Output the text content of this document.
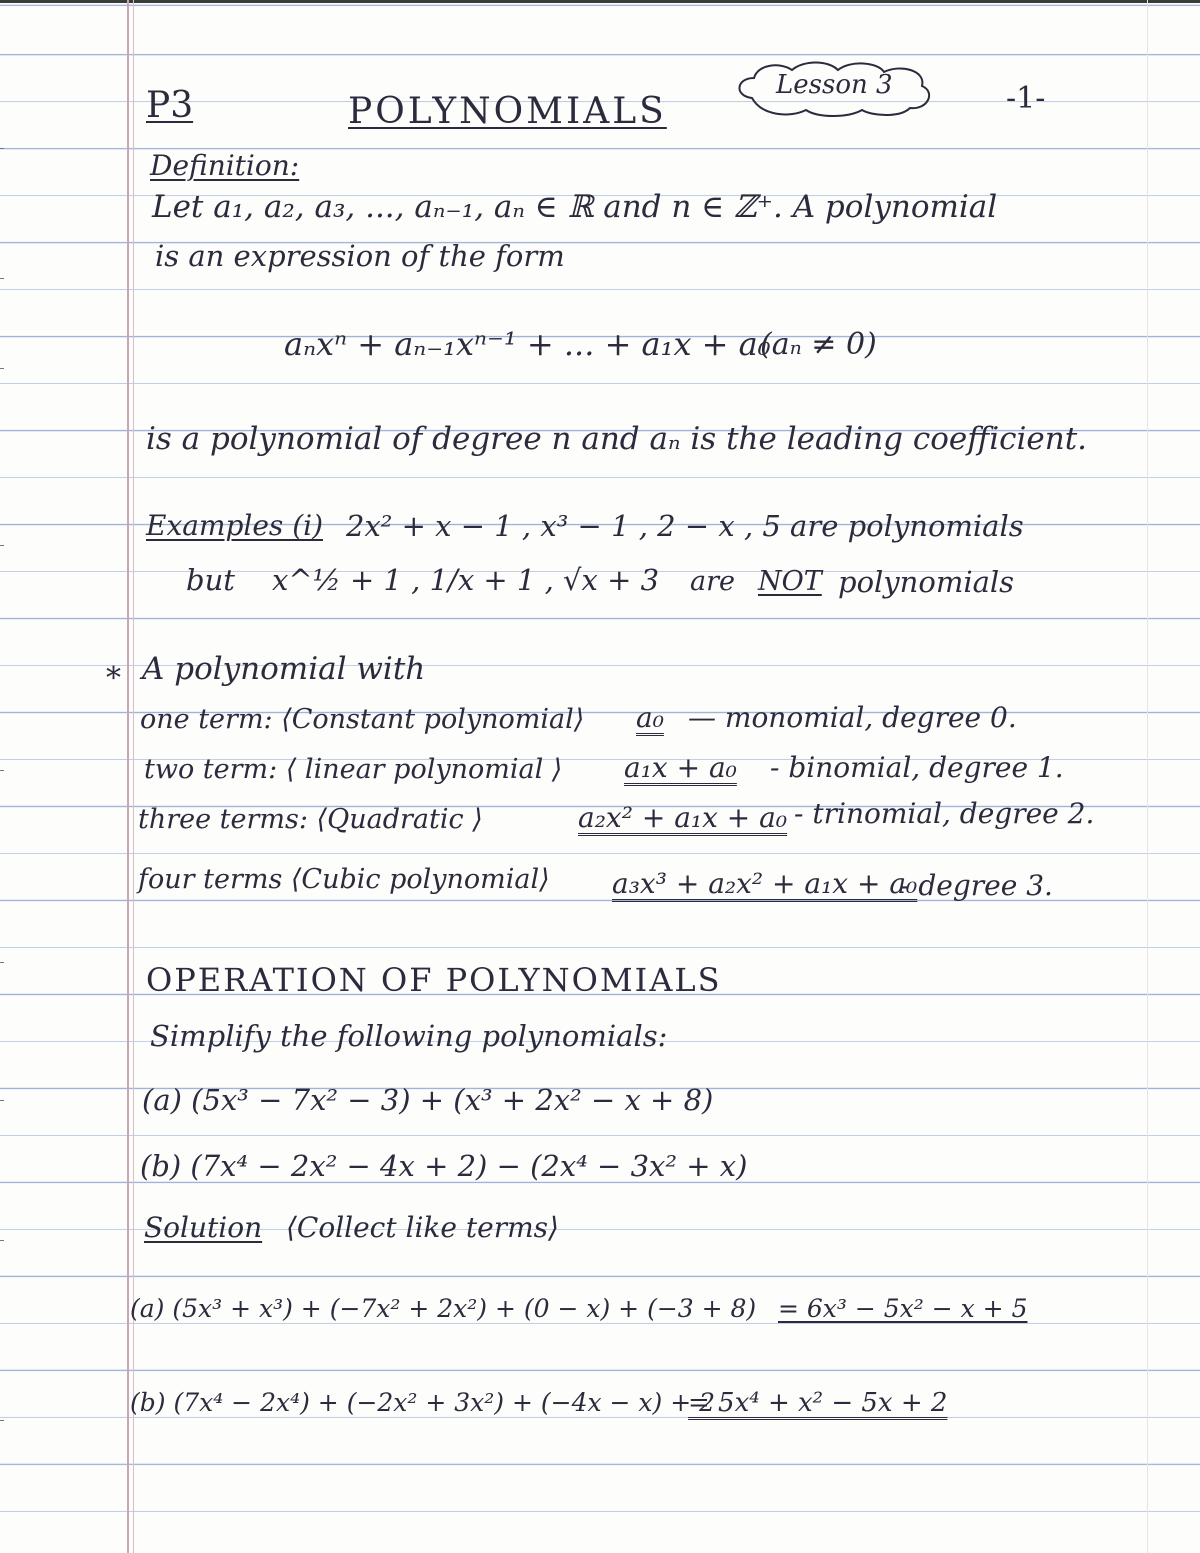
P3	POLYNOMIALS
Lesson 3	-1-
Definition:
Let a₁, a₂, a₃, ..., aₙ₋₁, aₙ ∈ ℝ and n ∈ ℤ⁺. A polynomial
is an expression of the form
aₙxⁿ + aₙ₋₁xⁿ⁻¹ + ... + a₁x + a₀
(aₙ ≠ 0)
is a polynomial of degree n and aₙ is the leading coefficient.
Examples (i) 2x² + x − 1 , x³ − 1 , 2 − x , 5 are polynomials
but x^½ + 1 , 1/x + 1 , √x + 3 are NOT polynomials
* A polynomial with
one term: ⟨Constant polynomial⟩ a₀ — monomial, degree 0.
two term: ⟨ linear polynomial ⟩ a₁x + a₀ - binomial, degree 1.
three terms: ⟨Quadratic ⟩	a₂x² + a₁x + a₀ - trinomial, degree 2.
four terms ⟨Cubic polynomial⟩ a₃x³ + a₂x² + a₁x + a₀
- degree 3.
OPERATION OF POLYNOMIALS
Simplify the following polynomials:
(a) (5x³ − 7x² − 3) + (x³ + 2x² − x + 8)
(b) (7x⁴ − 2x² − 4x + 2) − (2x⁴ − 3x² + x)
Solution ⟨Collect like terms⟩
(a) (5x³ + x³) + (−7x² + 2x²) + (0 − x) + (−3 + 8) = 6x³ − 5x² − x + 5
(b) (7x⁴ − 2x⁴) + (−2x² + 3x²) + (−4x − x) + 2
= 5x⁴ + x² − 5x + 2
